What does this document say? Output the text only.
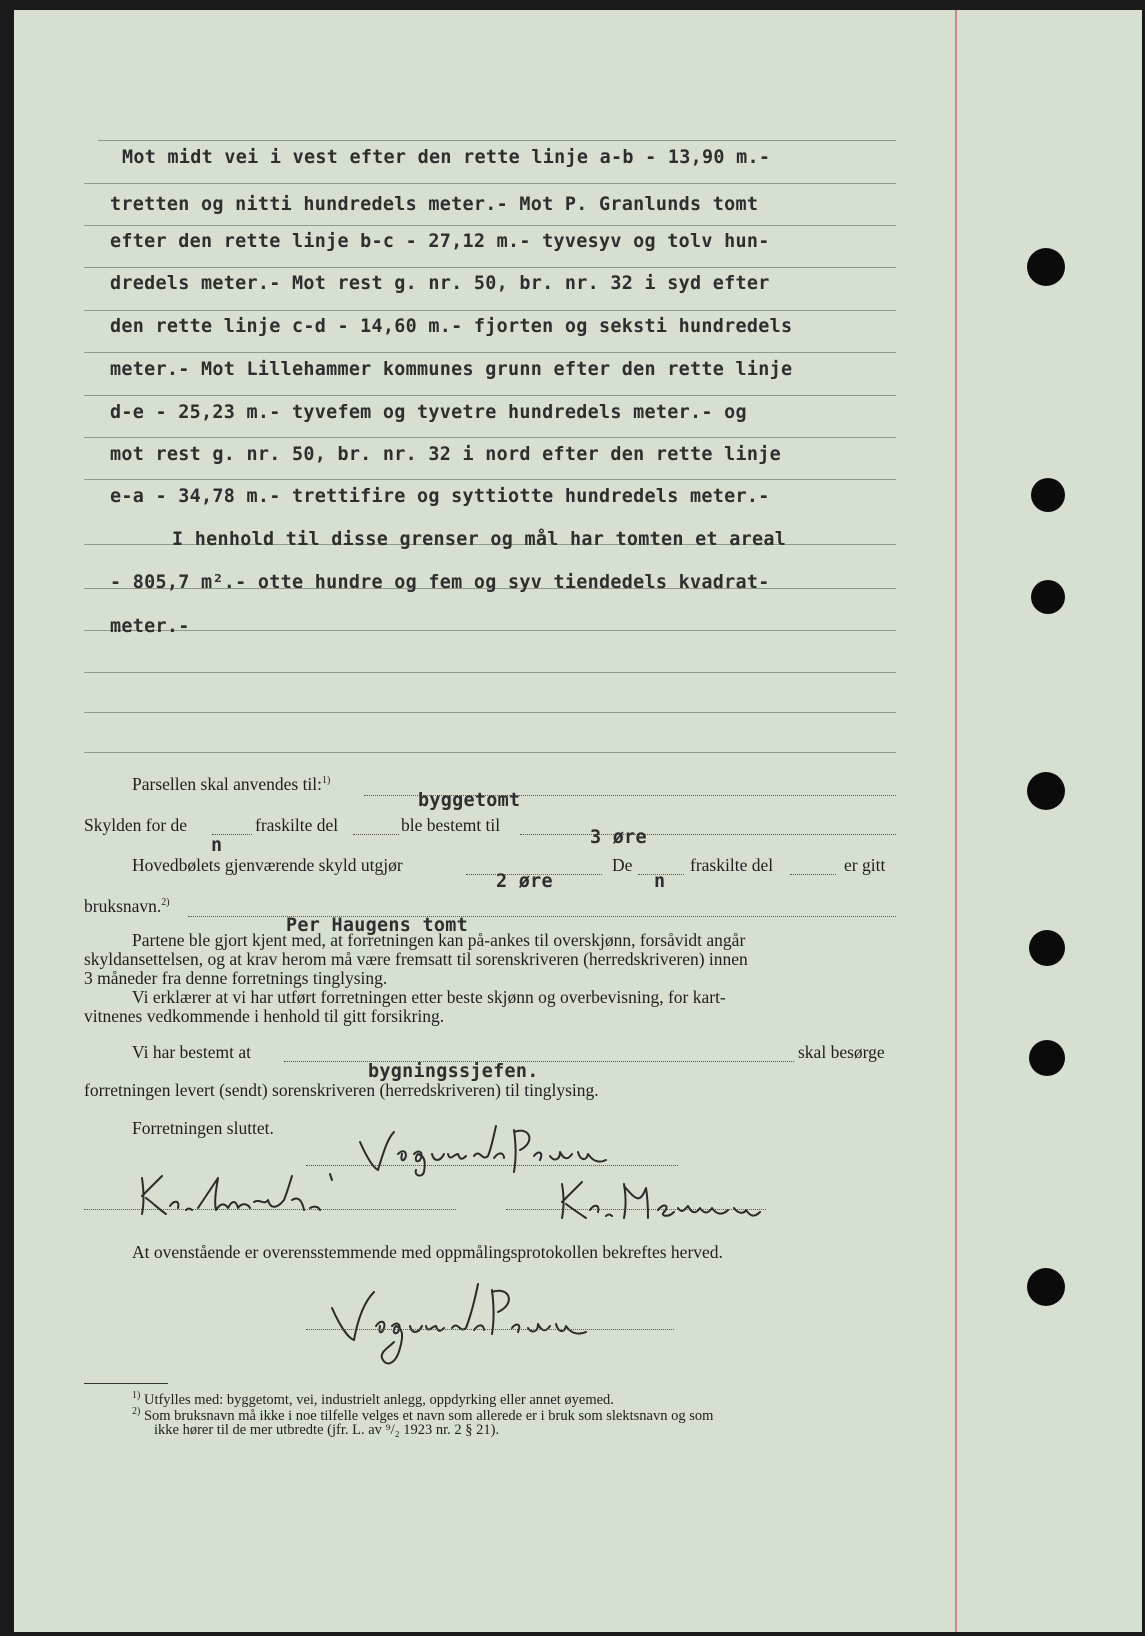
Mot midt vei i vest efter den rette linje a-b - 13,90 m.-
tretten og nitti hundredels meter.- Mot P. Granlunds tomt
efter den rette linje b-c - 27,12 m.- tyvesyv og tolv hun-
dredels meter.- Mot rest g. nr. 50, br. nr. 32 i syd efter
den rette linje c-d - 14,60 m.- fjorten og seksti hundredels
meter.- Mot Lillehammer kommunes grunn efter den rette linje
d-e - 25,23 m.- tyvefem og tyvetre hundredels meter.- og
mot rest g. nr. 50, br. nr. 32 i nord efter den rette linje
e-a - 34,78 m.- trettifire og syttiotte hundredels meter.-
I henhold til disse grenser og mål har tomten et areal
- 805,7 m².- otte hundre og fem og syv tiendedels kvadrat-
meter.-
Parsellen skal anvendes til:$^{1)}$
byggetomt
Skylden for de	fraskilte del	ble bestemt til
3 øre
n
Hovedbølets gjenværende skyld utgjør	De	fraskilte del	er gitt
2 øre	n
bruksnavn.$^{2)}$
Per Haugens tomt
Partene ble gjort kjent med, at forretningen kan på-ankes til overskjønn, forsåvidt angår
skyldansettelsen, og at krav herom må være fremsatt til sorenskriveren (herredskriveren) innen
3 måneder fra denne forretnings tinglysing.
Vi erklærer at vi har utført forretningen etter beste skjønn og overbevisning, for kart-
vitnenes vedkommende i henhold til gitt forsikring.
Vi har bestemt at	skal besørge
bygningssjefen.
forretningen levert (sendt) sorenskriveren (herredskriveren) til tinglysing.
Forretningen sluttet.
At ovenstående er overensstemmende med oppmålingsprotokollen bekreftes herved.
$^{1)}$ Utfylles med: byggetomt, vei, industrielt anlegg, oppdyrking eller annet øyemed.
$^{2)}$ Som bruksnavn må ikke i noe tilfelle velges et navn som allerede er i bruk som slektsnavn og som
ikke hører til de mer utbredte (jfr. L. av ⁹/₂ 1923 nr. 2 § 21).
